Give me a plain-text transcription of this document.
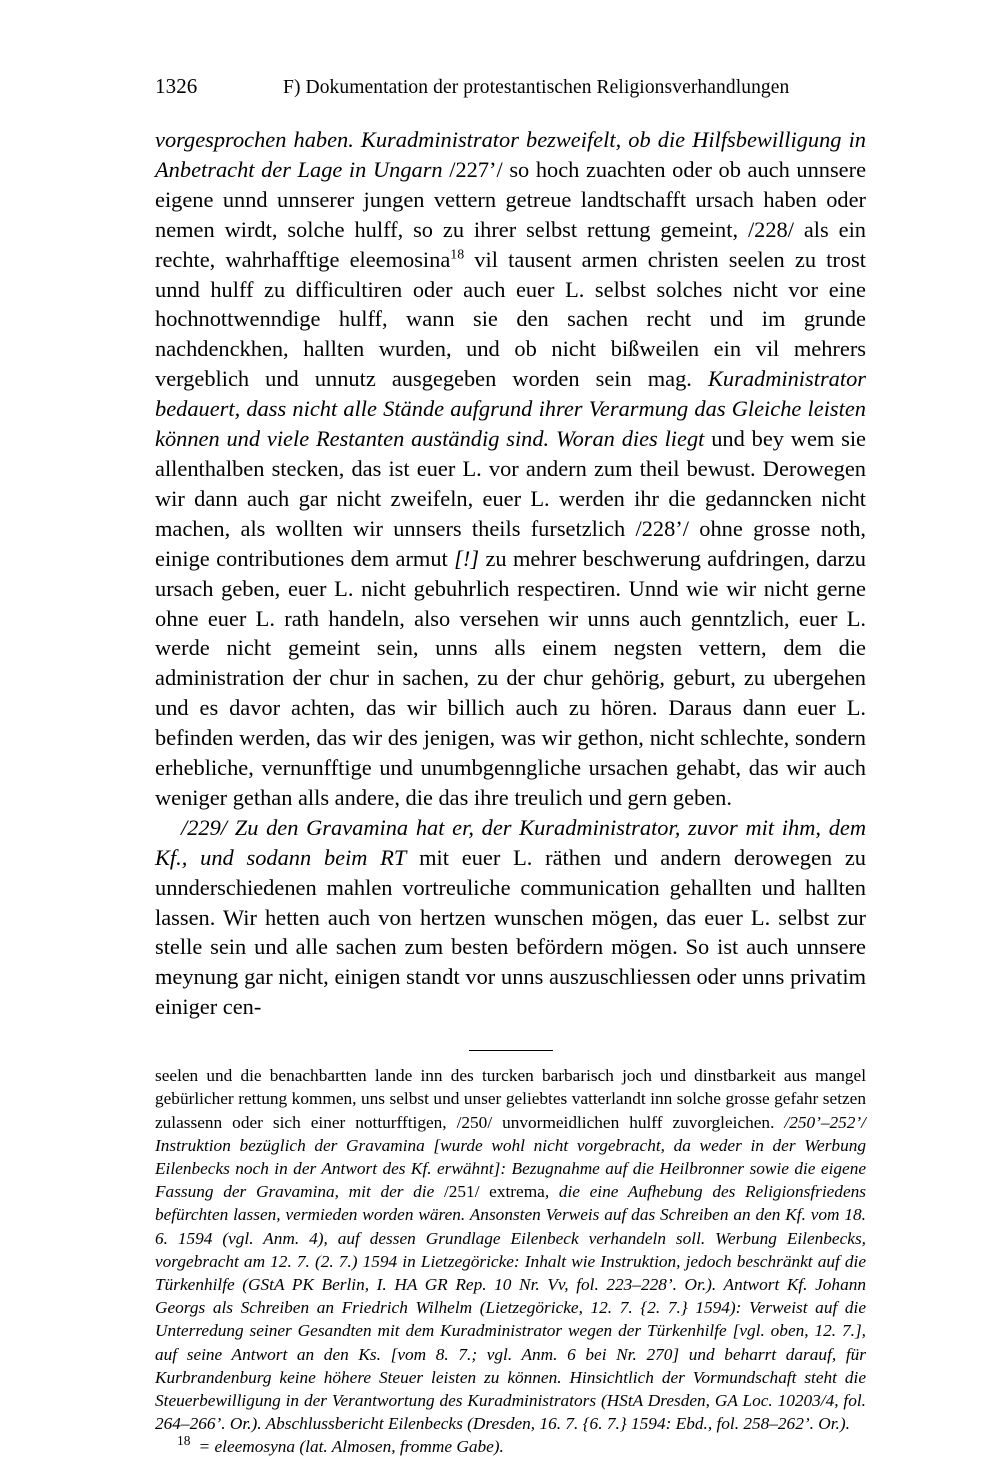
1326	F) Dokumentation der protestantischen Religionsverhandlungen

vorgesprochen haben. Kuradministrator bezweifelt, ob die Hilfsbewilligung in Anbetracht der Lage in Ungarn /227’/ so hoch zuachten oder ob auch unnsere eigene unnd unnserer jungen vettern getreue landtschafft ursach haben oder nemen wirdt, solche hulff, so zu ihrer selbst rettung gemeint, /228/ als ein rechte, wahrhafftige eleemosina$^{18}$ vil tausent armen christen seelen zu trost unnd hulff zu difficultiren oder auch euer L. selbst solches nicht vor eine hochnottwenndige hulff, wann sie den sachen recht und im grunde nachdenckhen, hallten wurden, und ob nicht bißweilen ein vil mehrers vergeblich und unnutz ausgegeben worden sein mag. Kuradministrator bedauert, dass nicht alle Stände aufgrund ihrer Verarmung das Gleiche leisten können und viele Restanten auständig sind. Woran dies liegt und bey wem sie allenthalben stecken, das ist euer L. vor andern zum theil bewust. Derowegen wir dann auch gar nicht zweifeln, euer L. werden ihr die gedanncken nicht machen, als wollten wir unnsers theils fursetzlich /228’/ ohne grosse noth, einige contributiones dem armut [!] zu mehrer beschwerung aufdringen, darzu ursach geben, euer L. nicht gebuhrlich respectiren. Unnd wie wir nicht gerne ohne euer L. rath handeln, also versehen wir unns auch genntzlich, euer L. werde nicht gemeint sein, unns alls einem negsten vettern, dem die administration der chur in sachen, zu der chur gehörig, geburt, zu ubergehen und es davor achten, das wir billich auch zu hören. Daraus dann euer L. befinden werden, das wir des jenigen, was wir gethon, nicht schlechte, sondern erhebliche, vernunfftige und unumbgenngliche ursachen gehabt, das wir auch weniger gethan alls andere, die das ihre treulich und gern geben.

/229/ Zu den Gravamina hat er, der Kuradministrator, zuvor mit ihm, dem Kf., und sodann beim RT mit euer L. räthen und andern derowegen zu unnderschiedenen mahlen vortreuliche communication gehallten und hallten lassen. Wir hetten auch von hertzen wunschen mögen, das euer L. selbst zur stelle sein und alle sachen zum besten befördern mögen. So ist auch unnsere meynung gar nicht, einigen standt vor unns auszuschliessen oder unns privatim einiger cen-

seelen und die benachbartten lande inn des turcken barbarisch joch und dinstbarkeit aus mangel gebürlicher rettung kommen, uns selbst und unser geliebtes vatterlandt inn solche grosse gefahr setzen zulassenn oder sich einer notturfftigen, /250/ unvormeidlichen hulff zuvorgleichen. /250’–252’/ Instruktion bezüglich der Gravamina [wurde wohl nicht vorgebracht, da weder in der Werbung Eilenbecks noch in der Antwort des Kf. erwähnt]: Bezugnahme auf die Heilbronner sowie die eigene Fassung der Gravamina, mit der die /251/ extrema, die eine Aufhebung des Religionsfriedens befürchten lassen, vermieden worden wären. Ansonsten Verweis auf das Schreiben an den Kf. vom 18. 6. 1594 (vgl. Anm. 4), auf dessen Grundlage Eilenbeck verhandeln soll. Werbung Eilenbecks, vorgebracht am 12. 7. (2. 7.) 1594 in Lietzegöricke: Inhalt wie Instruktion, jedoch beschränkt auf die Türkenhilfe (GStA PK Berlin, I. HA GR Rep. 10 Nr. Vv, fol. 223–228’. Or.). Antwort Kf. Johann Georgs als Schreiben an Friedrich Wilhelm (Lietzegöricke, 12. 7. {2. 7.} 1594): Verweist auf die Unterredung seiner Gesandten mit dem Kuradministrator wegen der Türkenhilfe [vgl. oben, 12. 7.], auf seine Antwort an den Ks. [vom 8. 7.; vgl. Anm. 6 bei Nr. 270] und beharrt darauf, für Kurbrandenburg keine höhere Steuer leisten zu können. Hinsichtlich der Vormundschaft steht die Steuerbewilligung in der Verantwortung des Kuradministrators (HStA Dresden, GA Loc. 10203/4, fol. 264–266’. Or.). Abschlussbericht Eilenbecks (Dresden, 16. 7. {6. 7.} 1594: Ebd., fol. 258–262’. Or.).

$^{18}$ = eleemosyna (lat. Almosen, fromme Gabe).
